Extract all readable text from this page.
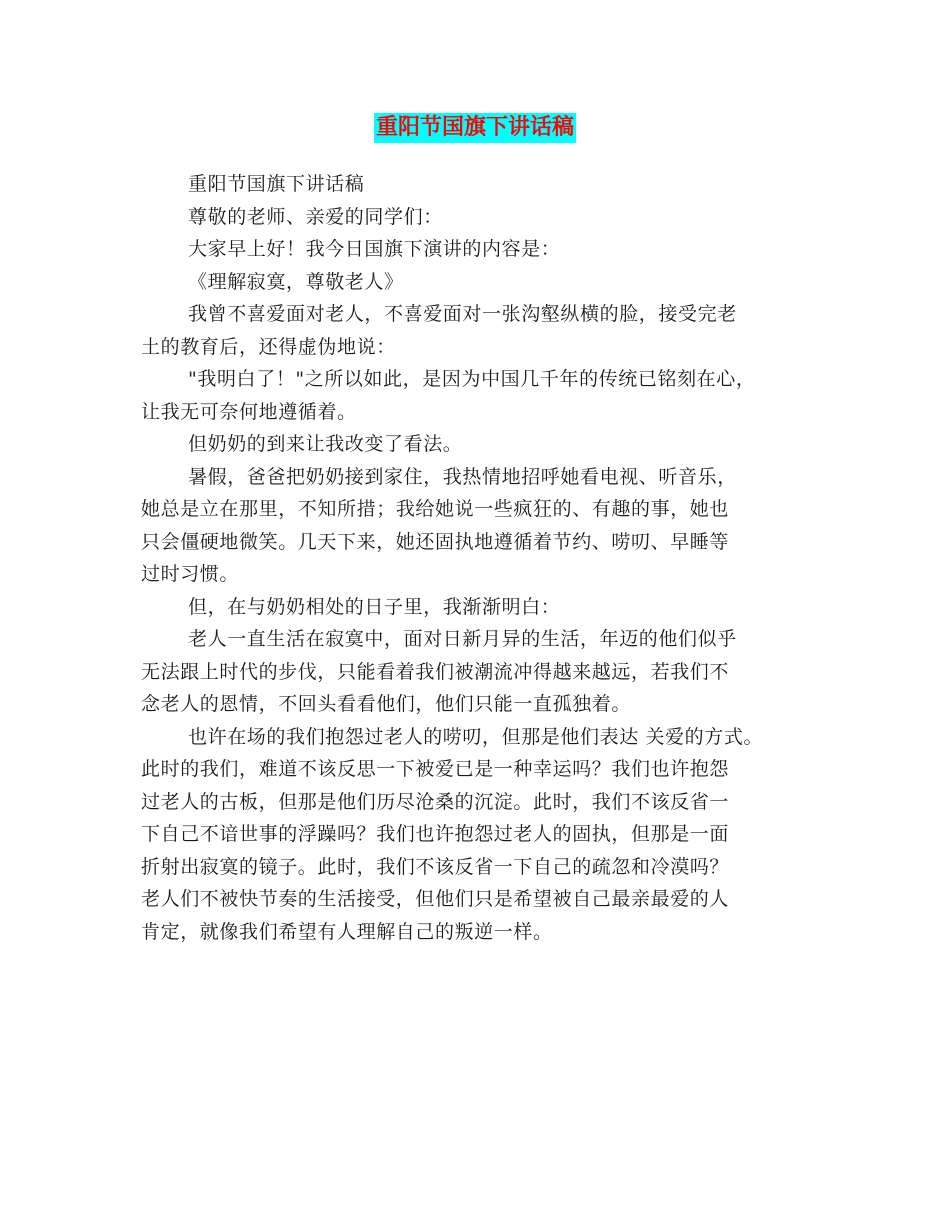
重阳节国旗下讲话稿
重阳节国旗下讲话稿
尊敬的老师、亲爱的同学们：
大家早上好！我今日国旗下演讲的内容是：
《理解寂寞，尊敬老人》
我曾不喜爱面对老人，不喜爱面对一张沟壑纵横的脸，接受完老
土的教育后，还得虚伪地说：
"我明白了！"之所以如此，是因为中国几千年的传统已铭刻在心，
让我无可奈何地遵循着。
但奶奶的到来让我改变了看法。
暑假，爸爸把奶奶接到家住，我热情地招呼她看电视、听音乐，
她总是立在那里，不知所措；我给她说一些疯狂的、有趣的事，她也
只会僵硬地微笑。几天下来，她还固执地遵循着节约、唠叨、早睡等
过时习惯。
但，在与奶奶相处的日子里，我渐渐明白：
老人一直生活在寂寞中，面对日新月异的生活，年迈的他们似乎
无法跟上时代的步伐，只能看着我们被潮流冲得越来越远，若我们不
念老人的恩情，不回头看看他们，他们只能一直孤独着。
也许在场的我们抱怨过老人的唠叨，但那是他们表达 关爱的方式。
此时的我们，难道不该反思一下被爱已是一种幸运吗？我们也许抱怨
过老人的古板，但那是他们历尽沧桑的沉淀。此时，我们不该反省一
下自己不谙世事的浮躁吗？我们也许抱怨过老人的固执，但那是一面
折射出寂寞的镜子。此时，我们不该反省一下自己的疏忽和冷漠吗？
老人们不被快节奏的生活接受，但他们只是希望被自己最亲最爱的人
肯定，就像我们希望有人理解自己的叛逆一样。
